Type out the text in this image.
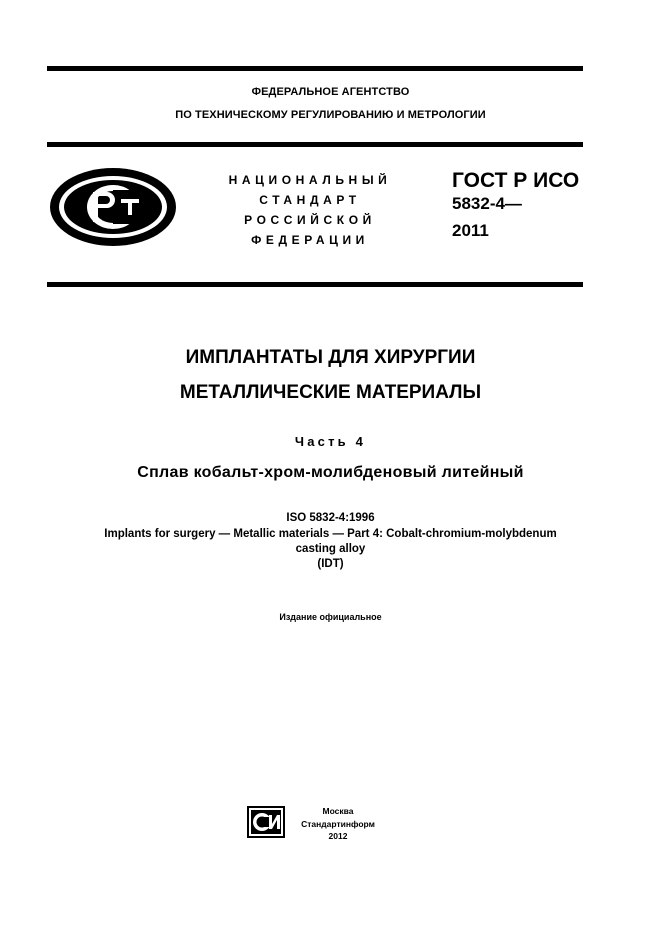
ФЕДЕРАЛЬНОЕ АГЕНТСТВО
ПО ТЕХНИЧЕСКОМУ РЕГУЛИРОВАНИЮ И МЕТРОЛОГИИ
НАЦИОНАЛЬНЫЙ
СТАНДАРТ
РОССИЙСКОЙ
ФЕДЕРАЦИИ
ГОСТ Р ИСО
5832-4—
2011
ИМПЛАНТАТЫ ДЛЯ ХИРУРГИИ
МЕТАЛЛИЧЕСКИЕ МАТЕРИАЛЫ
Часть 4
Сплав кобальт-хром-молибденовый литейный
ISO 5832-4:1996
Implants for surgery — Metallic materials — Part 4: Cobalt-chromium-molybdenum
casting alloy
(IDT)
Издание официальное
Москва
Стандартинформ
2012
